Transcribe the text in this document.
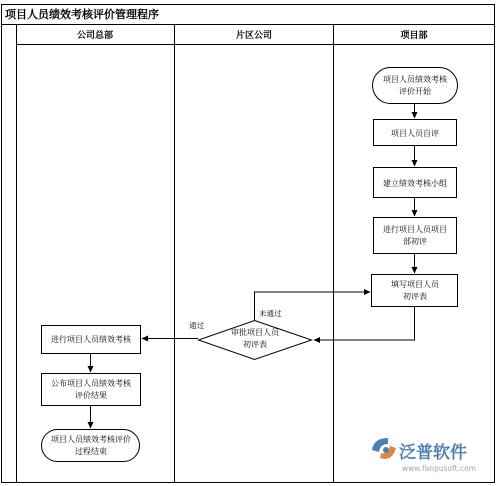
项目人员绩效考核评价管理程序
公司总部	片区公司	项目部
未通过
通过
项目人员绩效考核
评价开始
项目人员自评
建立绩效考核小组
进行项目人员项目
部初评
填写项目人员
初评表
审批项目人员
初评表
进行项目人员绩效考核
公布项目人员绩效考核
评价结果
项目人员绩效考核评价
过程结束	泛普软件
www.fanpusoft.com
